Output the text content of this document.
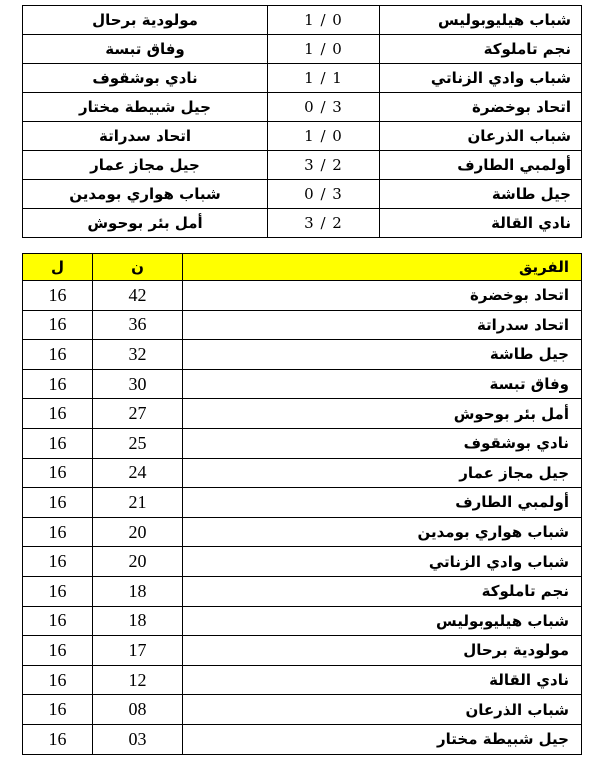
مولودية برحال	1 / 0	شباب هيليوبوليس
وفاق تبسة	1 / 0	نجم تاملوكة
نادي بوشقوف	1 / 1	شباب وادي الزناتي
جيل شبيطة مختار	0 / 3	اتحاد بوخضرة
اتحاد سدراتة	1 / 0	شباب الذرعان
جيل مجاز عمار	3 / 2	أولمبي الطارف
شباب هواري بومدين	0 / 3	جيل طاشة
أمل بئر بوحوش	3 / 2	نادي القالة
ل	ن	الفريق
16	42	اتحاد بوخضرة
16	36	اتحاد سدراتة
16	32	جيل طاشة
16	30	وفاق تبسة
16	27	أمل بئر بوحوش
16	25	نادي بوشقوف
16	24	جيل مجاز عمار
16	21	أولمبي الطارف
16	20	شباب هواري بومدين
16	20	شباب وادي الزناتي
16	18	نجم تاملوكة
16	18	شباب هيليوبوليس
16	17	مولودية برحال
16	12	نادي القالة
16	08	شباب الذرعان
16	03	جيل شبيطة مختار
